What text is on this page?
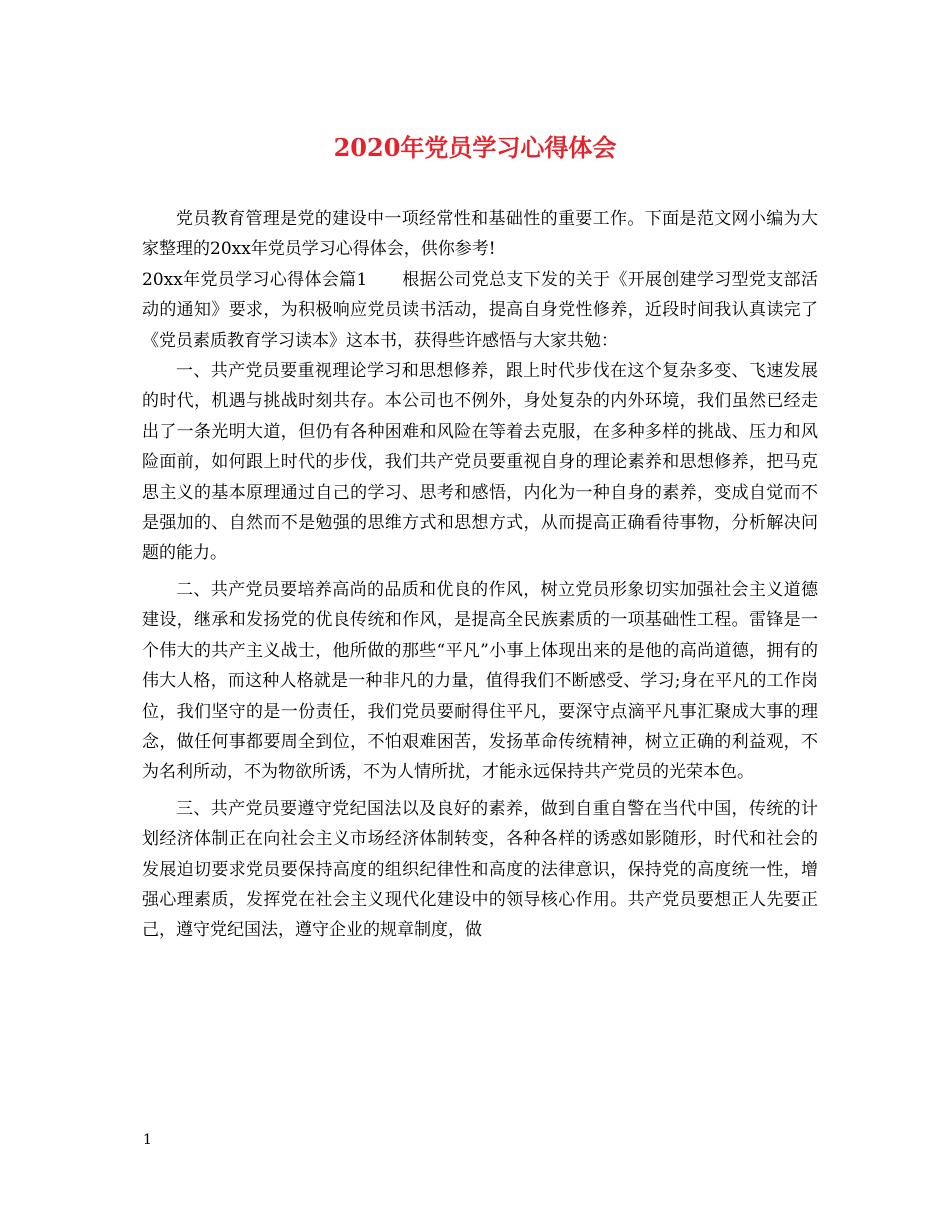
2020年党员学习心得体会

党员教育管理是党的建设中一项经常性和基础性的重要工作。下面是范文网小编为大家整理的20xx年党员学习心得体会，供你参考!

20xx年党员学习心得体会篇1　　根据公司党总支下发的关于《开展创建学习型党支部活动的通知》要求，为积极响应党员读书活动，提高自身党性修养，近段时间我认真读完了《党员素质教育学习读本》这本书，获得些许感悟与大家共勉：

一、共产党员要重视理论学习和思想修养，跟上时代步伐在这个复杂多变、飞速发展的时代，机遇与挑战时刻共存。本公司也不例外，身处复杂的内外环境，我们虽然已经走出了一条光明大道，但仍有各种困难和风险在等着去克服，在多种多样的挑战、压力和风险面前，如何跟上时代的步伐，我们共产党员要重视自身的理论素养和思想修养，把马克思主义的基本原理通过自己的学习、思考和感悟，内化为一种自身的素养，变成自觉而不是强加的、自然而不是勉强的思维方式和思想方式，从而提高正确看待事物，分析解决问题的能力。

二、共产党员要培养高尚的品质和优良的作风，树立党员形象切实加强社会主义道德建设，继承和发扬党的优良传统和作风，是提高全民族素质的一项基础性工程。雷锋是一个伟大的共产主义战士，他所做的那些“平凡”小事上体现出来的是他的高尚道德，拥有的伟大人格，而这种人格就是一种非凡的力量，值得我们不断感受、学习;身在平凡的工作岗位，我们坚守的是一份责任，我们党员要耐得住平凡，要深守点滴平凡事汇聚成大事的理念，做任何事都要周全到位，不怕艰难困苦，发扬革命传统精神，树立正确的利益观，不为名利所动，不为物欲所诱，不为人情所扰，才能永远保持共产党员的光荣本色。

三、共产党员要遵守党纪国法以及良好的素养，做到自重自警在当代中国，传统的计划经济体制正在向社会主义市场经济体制转变，各种各样的诱惑如影随形，时代和社会的发展迫切要求党员要保持高度的组织纪律性和高度的法律意识，保持党的高度统一性，增强心理素质，发挥党在社会主义现代化建设中的领导核心作用。共产党员要想正人先要正己，遵守党纪国法，遵守企业的规章制度，做

1
